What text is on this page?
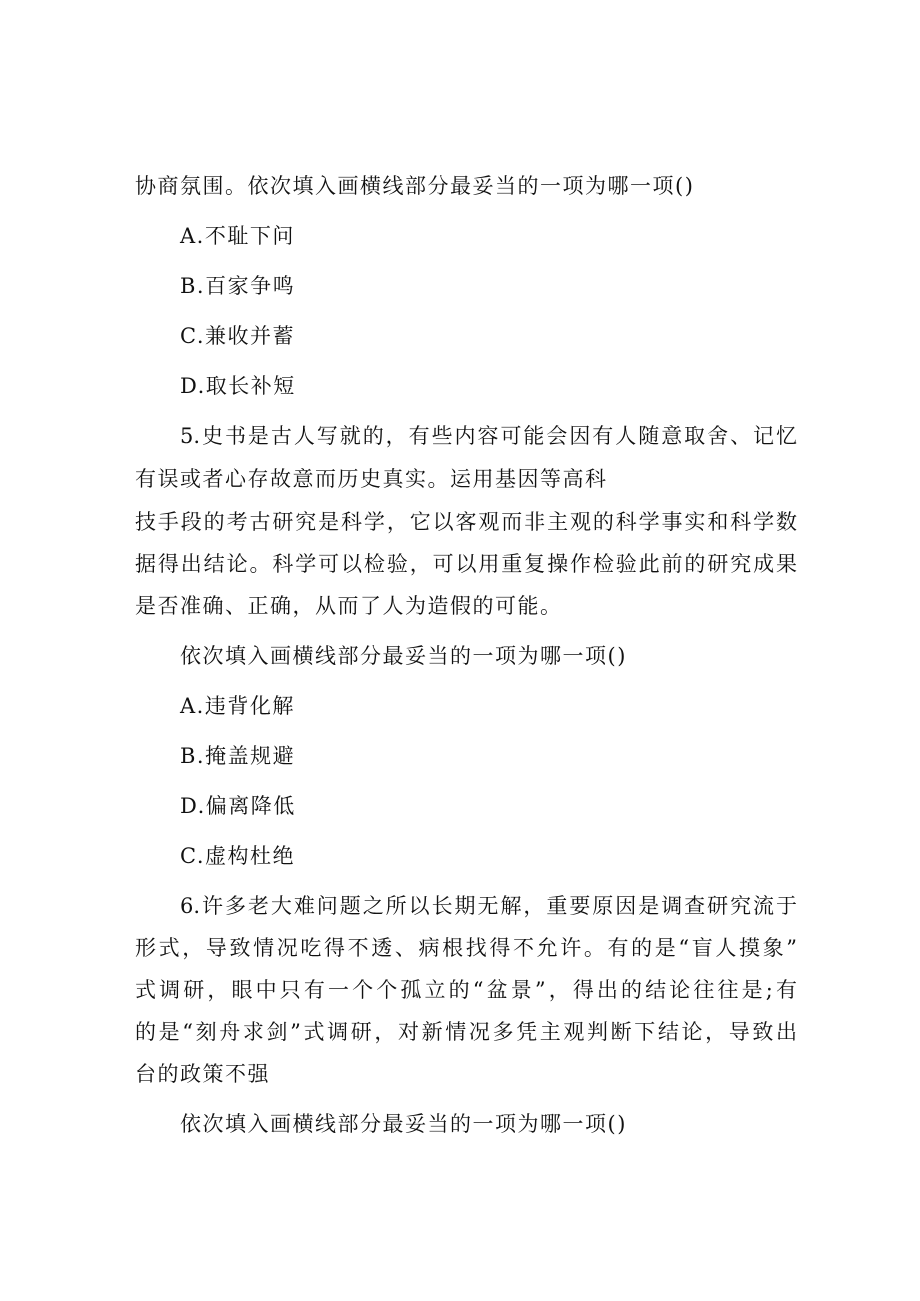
协商氛围。依次填入画横线部分最妥当的一项为哪一项()
A.不耻下问
B.百家争鸣
C.兼收并蓄
D.取长补短
5.史书是古人写就的，有些内容可能会因有人随意取舍、记忆
有误或者心存故意而历史真实。运用基因等高科
技手段的考古研究是科学，它以客观而非主观的科学事实和科学数
据得出结论。科学可以检验，可以用重复操作检验此前的研究成果
是否准确、正确，从而了人为造假的可能。
依次填入画横线部分最妥当的一项为哪一项()
A.违背化解
B.掩盖规避
D.偏离降低
C.虚构杜绝
6.许多老大难问题之所以长期无解，重要原因是调查研究流于
形式，导致情况吃得不透、病根找得不允许。有的是“盲人摸象”
式调研，眼中只有一个个孤立的“盆景”，得出的结论往往是;有
的是“刻舟求剑”式调研，对新情况多凭主观判断下结论，导致出
台的政策不强
依次填入画横线部分最妥当的一项为哪一项()
